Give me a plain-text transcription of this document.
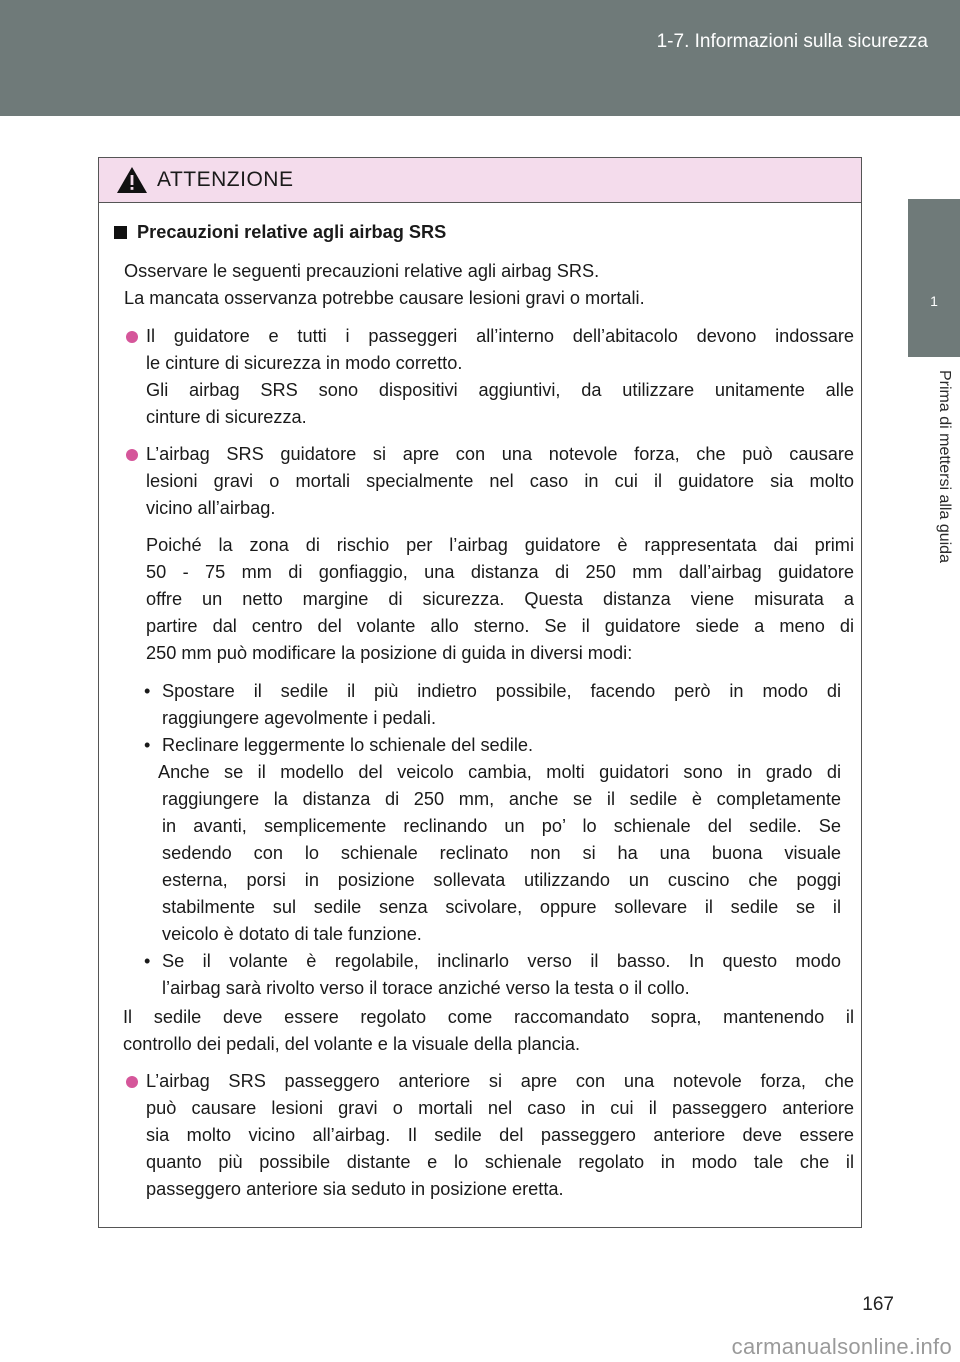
1-7. Informazioni sulla sicurezza
1
Prima di mettersi alla guida
ATTENZIONE

Precauzioni relative agli airbag SRS

Osservare le seguenti precauzioni relative agli airbag SRS.
La mancata osservanza potrebbe causare lesioni gravi o mortali.

Il guidatore e tutti i passeggeri all’interno dell’abitacolo devono indossare
le cinture di sicurezza in modo corretto.
Gli airbag SRS sono dispositivi aggiuntivi, da utilizzare unitamente alle
cinture di sicurezza.

L’airbag SRS guidatore si apre con una notevole forza, che può causare
lesioni gravi o mortali specialmente nel caso in cui il guidatore sia molto
vicino all’airbag.

Poiché la zona di rischio per l’airbag guidatore è rappresentata dai primi
50 - 75 mm di gonfiaggio, una distanza di 250 mm dall’airbag guidatore
offre un netto margine di sicurezza. Questa distanza viene misurata a
partire dal centro del volante allo sterno. Se il guidatore siede a meno di
250 mm può modificare la posizione di guida in diversi modi:

• Spostare il sedile il più indietro possibile, facendo però in modo di
raggiungere agevolmente i pedali.
• Reclinare leggermente lo schienale del sedile.
Anche se il modello del veicolo cambia, molti guidatori sono in grado di
raggiungere la distanza di 250 mm, anche se il sedile è completamente
in avanti, semplicemente reclinando un po’ lo schienale del sedile. Se
sedendo con lo schienale reclinato non si ha una buona visuale
esterna, porsi in posizione sollevata utilizzando un cuscino che poggi
stabilmente sul sedile senza scivolare, oppure sollevare il sedile se il
veicolo è dotato di tale funzione.
• Se il volante è regolabile, inclinarlo verso il basso. In questo modo
l’airbag sarà rivolto verso il torace anziché verso la testa o il collo.

Il sedile deve essere regolato come raccomandato sopra, mantenendo il
controllo dei pedali, del volante e la visuale della plancia.

L’airbag SRS passeggero anteriore si apre con una notevole forza, che
può causare lesioni gravi o mortali nel caso in cui il passeggero anteriore
sia molto vicino all’airbag. Il sedile del passeggero anteriore deve essere
quanto più possibile distante e lo schienale regolato in modo tale che il
passeggero anteriore sia seduto in posizione eretta.

167
carmanualsonline.info
